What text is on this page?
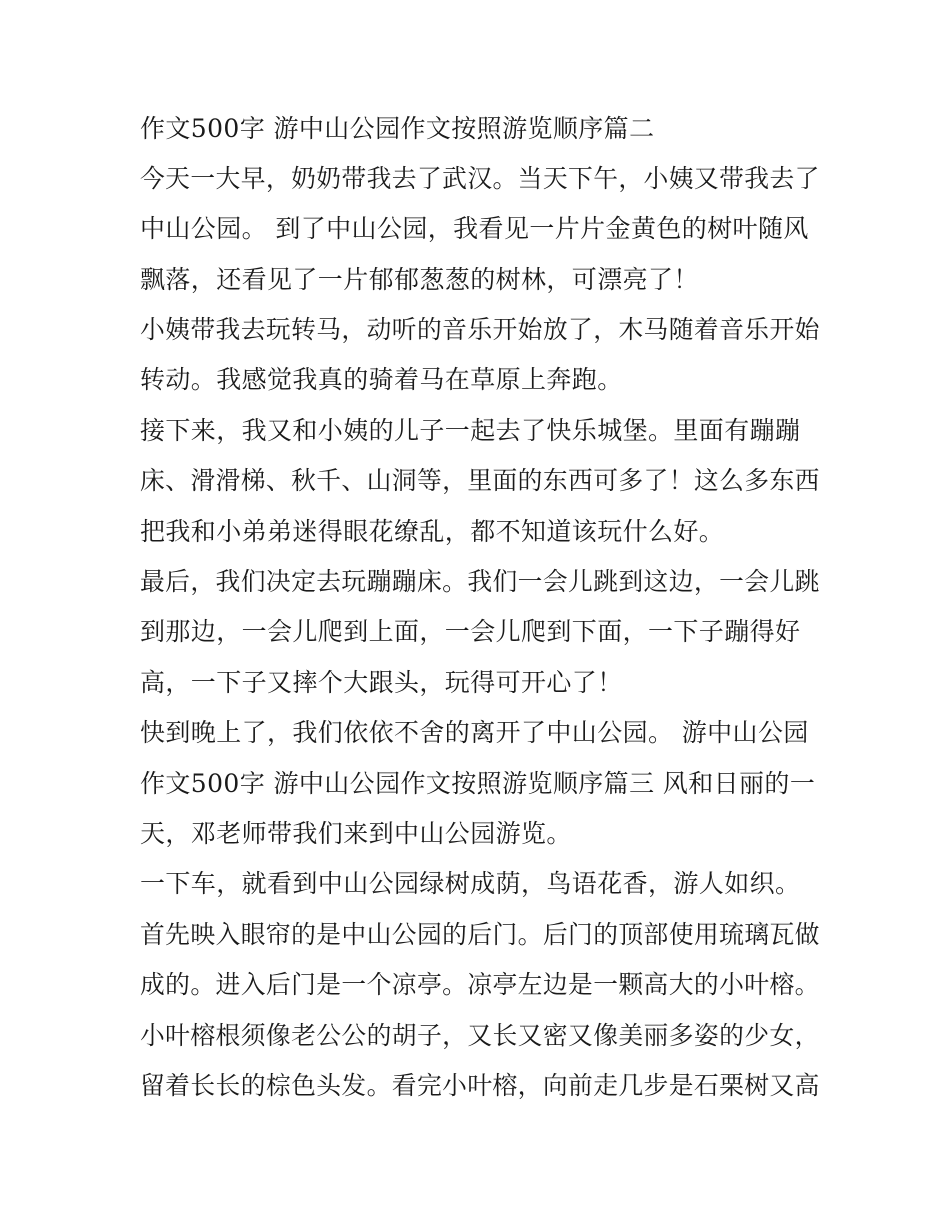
作文500字 游中山公园作文按照游览顺序篇二
今天一大早，奶奶带我去了武汉。当天下午，小姨又带我去了
中山公园。 到了中山公园，我看见一片片金黄色的树叶随风
飘落，还看见了一片郁郁葱葱的树林，可漂亮了！
小姨带我去玩转马，动听的音乐开始放了，木马随着音乐开始
转动。我感觉我真的骑着马在草原上奔跑。
接下来，我又和小姨的儿子一起去了快乐城堡。里面有蹦蹦
床、滑滑梯、秋千、山洞等，里面的东西可多了！这么多东西
把我和小弟弟迷得眼花缭乱，都不知道该玩什么好。
最后，我们决定去玩蹦蹦床。我们一会儿跳到这边，一会儿跳
到那边，一会儿爬到上面，一会儿爬到下面，一下子蹦得好
高，一下子又摔个大跟头，玩得可开心了！
快到晚上了，我们依依不舍的离开了中山公园。 游中山公园
作文500字 游中山公园作文按照游览顺序篇三 风和日丽的一
天，邓老师带我们来到中山公园游览。
一下车，就看到中山公园绿树成荫，鸟语花香，游人如织。
首先映入眼帘的是中山公园的后门。后门的顶部使用琉璃瓦做
成的。进入后门是一个凉亭。凉亭左边是一颗高大的小叶榕。
小叶榕根须像老公公的胡子，又长又密又像美丽多姿的少女，
留着长长的棕色头发。看完小叶榕，向前走几步是石栗树又高
